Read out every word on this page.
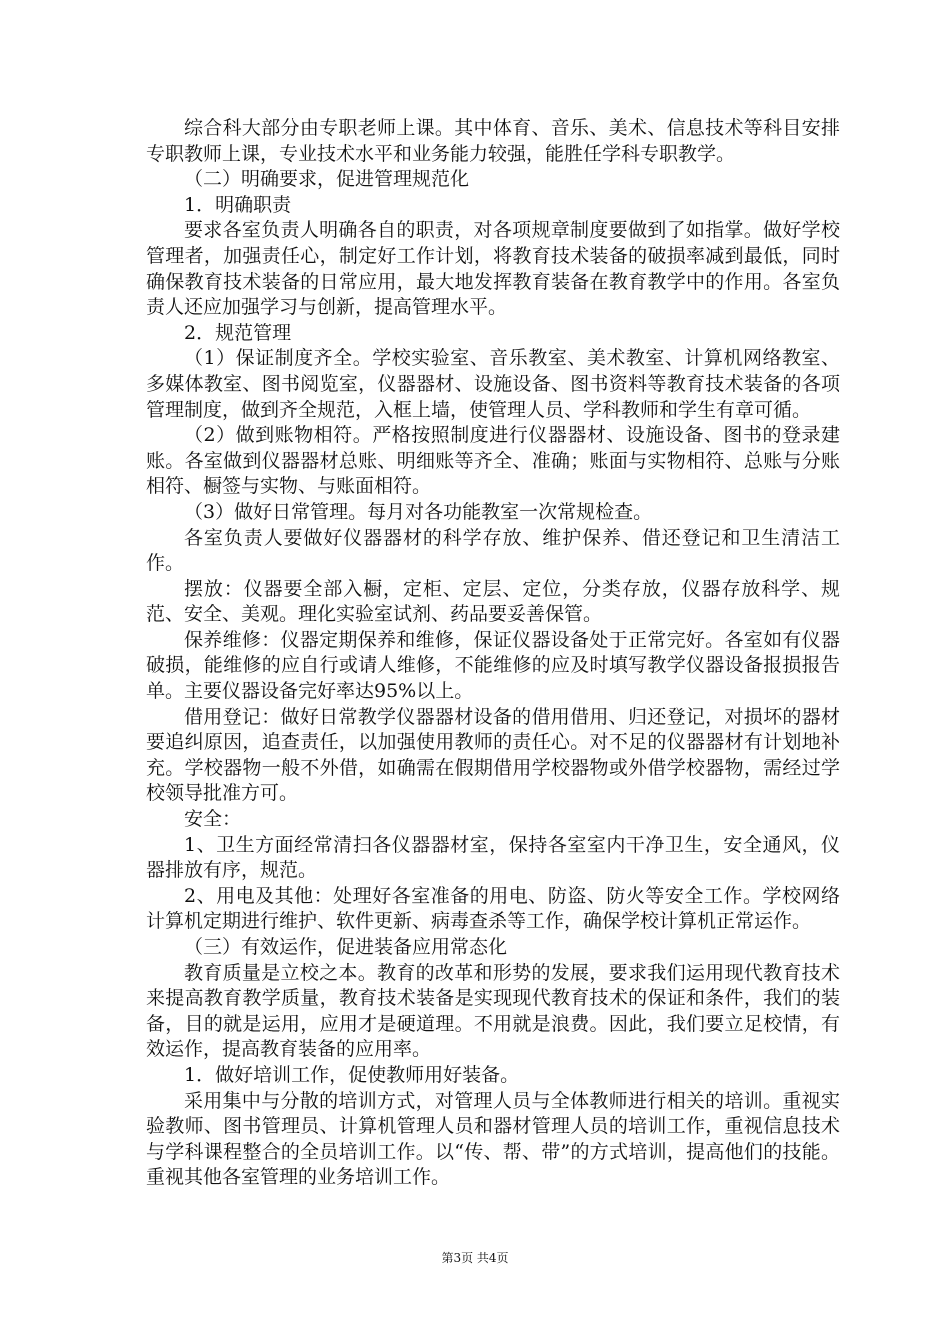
综合科大部分由专职老师上课。其中体育、音乐、美术、信息技术等科目安排专职教师上课，专业技术水平和业务能力较强，能胜任学科专职教学。

（二）明确要求，促进管理规范化

1．明确职责

要求各室负责人明确各自的职责，对各项规章制度要做到了如指掌。做好学校管理者，加强责任心，制定好工作计划，将教育技术装备的破损率减到最低，同时确保教育技术装备的日常应用，最大地发挥教育装备在教育教学中的作用。各室负责人还应加强学习与创新，提高管理水平。

2．规范管理

（1）保证制度齐全。学校实验室、音乐教室、美术教室、计算机网络教室、多媒体教室、图书阅览室，仪器器材、设施设备、图书资料等教育技术装备的各项管理制度，做到齐全规范，入框上墙，使管理人员、学科教师和学生有章可循。

（2）做到账物相符。严格按照制度进行仪器器材、设施设备、图书的登录建账。各室做到仪器器材总账、明细账等齐全、准确；账面与实物相符、总账与分账相符、橱签与实物、与账面相符。

（3）做好日常管理。每月对各功能教室一次常规检查。

各室负责人要做好仪器器材的科学存放、维护保养、借还登记和卫生清洁工作。

摆放：仪器要全部入橱，定柜、定层、定位，分类存放，仪器存放科学、规范、安全、美观。理化实验室试剂、药品要妥善保管。

保养维修：仪器定期保养和维修，保证仪器设备处于正常完好。各室如有仪器破损，能维修的应自行或请人维修，不能维修的应及时填写教学仪器设备报损报告单。主要仪器设备完好率达95%以上。

借用登记：做好日常教学仪器器材设备的借用借用、归还登记，对损坏的器材要追纠原因，追查责任，以加强使用教师的责任心。对不足的仪器器材有计划地补充。学校器物一般不外借，如确需在假期借用学校器物或外借学校器物，需经过学校领导批准方可。

安全：

1、卫生方面经常清扫各仪器器材室，保持各室室内干净卫生，安全通风，仪器排放有序，规范。

2、用电及其他：处理好各室准备的用电、防盗、防火等安全工作。学校网络计算机定期进行维护、软件更新、病毒查杀等工作，确保学校计算机正常运作。

（三）有效运作，促进装备应用常态化

教育质量是立校之本。教育的改革和形势的发展，要求我们运用现代教育技术来提高教育教学质量，教育技术装备是实现现代教育技术的保证和条件，我们的装备，目的就是运用，应用才是硬道理。不用就是浪费。因此，我们要立足校情，有效运作，提高教育装备的应用率。

1．做好培训工作，促使教师用好装备。

采用集中与分散的培训方式，对管理人员与全体教师进行相关的培训。重视实验教师、图书管理员、计算机管理人员和器材管理人员的培训工作，重视信息技术与学科课程整合的全员培训工作。以“传、帮、带”的方式培训，提高他们的技能。重视其他各室管理的业务培训工作。

第3页 共4页
